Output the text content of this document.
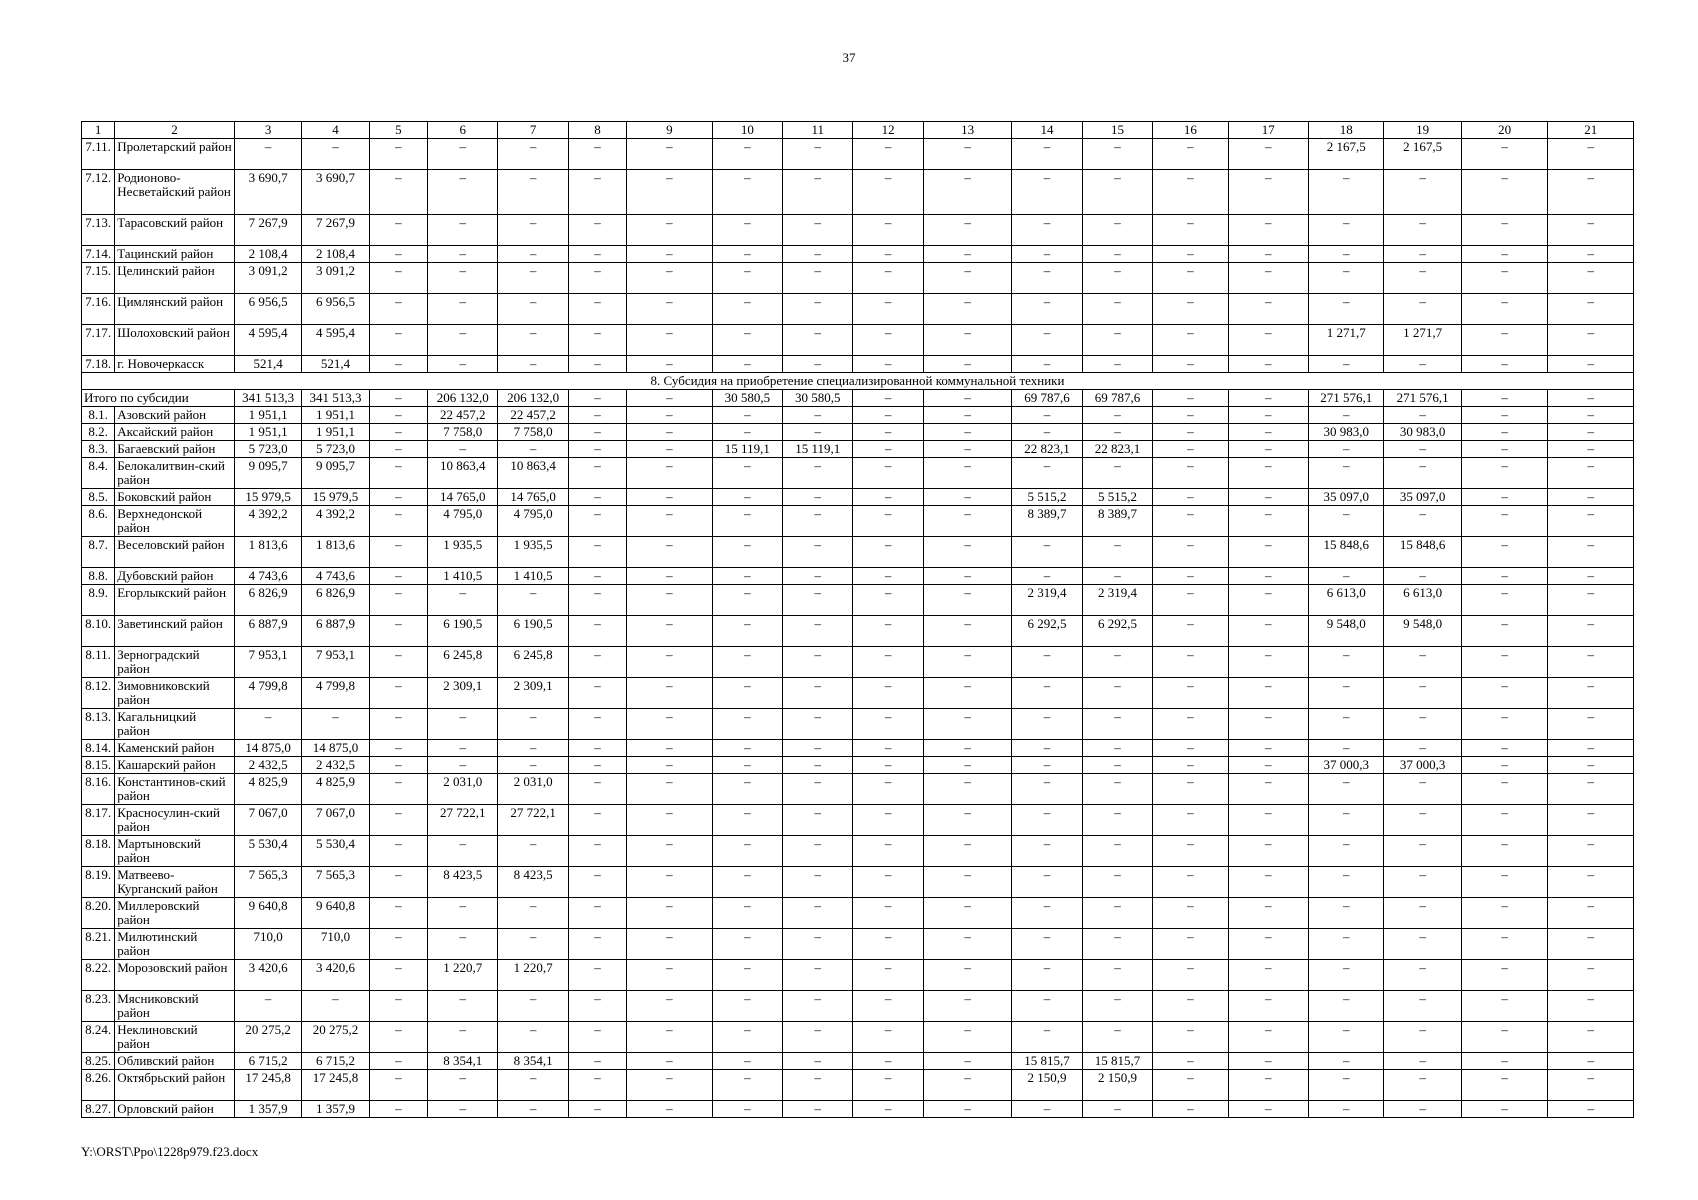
37
1	2	3	4	5	6	7	8	9	10	11	12	13	14	15	16	17	18	19	20	21
7.11.	Пролетарский район	–	–	–	–	–	–	–	–	–	–	–	–	–	–	–	2 167,5	2 167,5	–	–
7.12.	Родионово-Несветайский район	3 690,7	3 690,7	–	–	–	–	–	–	–	–	–	–	–	–	–	–	–	–	–
7.13.	Тарасовский район	7 267,9	7 267,9	–	–	–	–	–	–	–	–	–	–	–	–	–	–	–	–	–
7.14.	Тацинский район	2 108,4	2 108,4	–	–	–	–	–	–	–	–	–	–	–	–	–	–	–	–	–
7.15.	Целинский район	3 091,2	3 091,2	–	–	–	–	–	–	–	–	–	–	–	–	–	–	–	–	–
7.16.	Цимлянский район	6 956,5	6 956,5	–	–	–	–	–	–	–	–	–	–	–	–	–	–	–	–	–
7.17.	Шолоховский район	4 595,4	4 595,4	–	–	–	–	–	–	–	–	–	–	–	–	–	1 271,7	1 271,7	–	–
7.18.	г. Новочеркасск	521,4	521,4	–	–	–	–	–	–	–	–	–	–	–	–	–	–	–	–	–
8. Субсидия на приобретение специализированной коммунальной техники																				
Итого по субсидии		341 513,3	341 513,3	–	206 132,0	206 132,0	–	–	30 580,5	30 580,5	–	–	69 787,6	69 787,6	–	–	271 576,1	271 576,1	–	–
8.1.	Азовский район	1 951,1	1 951,1	–	22 457,2	22 457,2	–	–	–	–	–	–	–	–	–	–	–	–	–	–
8.2.	Аксайский район	1 951,1	1 951,1	–	7 758,0	7 758,0	–	–	–	–	–	–	–	–	–	–	30 983,0	30 983,0	–	–
8.3.	Багаевский район	5 723,0	5 723,0	–	–	–	–	–	15 119,1	15 119,1	–	–	22 823,1	22 823,1	–	–	–	–	–	–
8.4.	Белокалитвин-ский район	9 095,7	9 095,7	–	10 863,4	10 863,4	–	–	–	–	–	–	–	–	–	–	–	–	–	–
8.5.	Боковский район	15 979,5	15 979,5	–	14 765,0	14 765,0	–	–	–	–	–	–	5 515,2	5 515,2	–	–	35 097,0	35 097,0	–	–
8.6.	Верхнедонской район	4 392,2	4 392,2	–	4 795,0	4 795,0	–	–	–	–	–	–	8 389,7	8 389,7	–	–	–	–	–	–
8.7.	Веселовский район	1 813,6	1 813,6	–	1 935,5	1 935,5	–	–	–	–	–	–	–	–	–	–	15 848,6	15 848,6	–	–
8.8.	Дубовский район	4 743,6	4 743,6	–	1 410,5	1 410,5	–	–	–	–	–	–	–	–	–	–	–	–	–	–
8.9.	Егорлыкский район	6 826,9	6 826,9	–	–	–	–	–	–	–	–	–	2 319,4	2 319,4	–	–	6 613,0	6 613,0	–	–
8.10.	Заветинский район	6 887,9	6 887,9	–	6 190,5	6 190,5	–	–	–	–	–	–	6 292,5	6 292,5	–	–	9 548,0	9 548,0	–	–
8.11.	Зерноградский район	7 953,1	7 953,1	–	6 245,8	6 245,8	–	–	–	–	–	–	–	–	–	–	–	–	–	–
8.12.	Зимовниковский район	4 799,8	4 799,8	–	2 309,1	2 309,1	–	–	–	–	–	–	–	–	–	–	–	–	–	–
8.13.	Кагальницкий район	–	–	–	–	–	–	–	–	–	–	–	–	–	–	–	–	–	–	–
8.14.	Каменский район	14 875,0	14 875,0	–	–	–	–	–	–	–	–	–	–	–	–	–	–	–	–	–
8.15.	Кашарский район	2 432,5	2 432,5	–	–	–	–	–	–	–	–	–	–	–	–	–	37 000,3	37 000,3	–	–
8.16.	Константинов-ский район	4 825,9	4 825,9	–	2 031,0	2 031,0	–	–	–	–	–	–	–	–	–	–	–	–	–	–
8.17.	Красносулин-ский район	7 067,0	7 067,0	–	27 722,1	27 722,1	–	–	–	–	–	–	–	–	–	–	–	–	–	–
8.18.	Мартыновский район	5 530,4	5 530,4	–	–	–	–	–	–	–	–	–	–	–	–	–	–	–	–	–
8.19.	Матвеево-Курганский район	7 565,3	7 565,3	–	8 423,5	8 423,5	–	–	–	–	–	–	–	–	–	–	–	–	–	–
8.20.	Миллеровский район	9 640,8	9 640,8	–	–	–	–	–	–	–	–	–	–	–	–	–	–	–	–	–
8.21.	Милютинский район	710,0	710,0	–	–	–	–	–	–	–	–	–	–	–	–	–	–	–	–	–
8.22.	Морозовский район	3 420,6	3 420,6	–	1 220,7	1 220,7	–	–	–	–	–	–	–	–	–	–	–	–	–	–
8.23.	Мясниковский район	–	–	–	–	–	–	–	–	–	–	–	–	–	–	–	–	–	–	–
8.24.	Неклиновский район	20 275,2	20 275,2	–	–	–	–	–	–	–	–	–	–	–	–	–	–	–	–	–
8.25.	Обливский район	6 715,2	6 715,2	–	8 354,1	8 354,1	–	–	–	–	–	–	15 815,7	15 815,7	–	–	–	–	–	–
8.26.	Октябрьский район	17 245,8	17 245,8	–	–	–	–	–	–	–	–	–	2 150,9	2 150,9	–	–	–	–	–	–
8.27.	Орловский район	1 357,9	1 357,9	–	–	–	–	–	–	–	–	–	–	–	–	–	–	–	–	–
Y:\ORST\Ppo\1228p979.f23.docx
